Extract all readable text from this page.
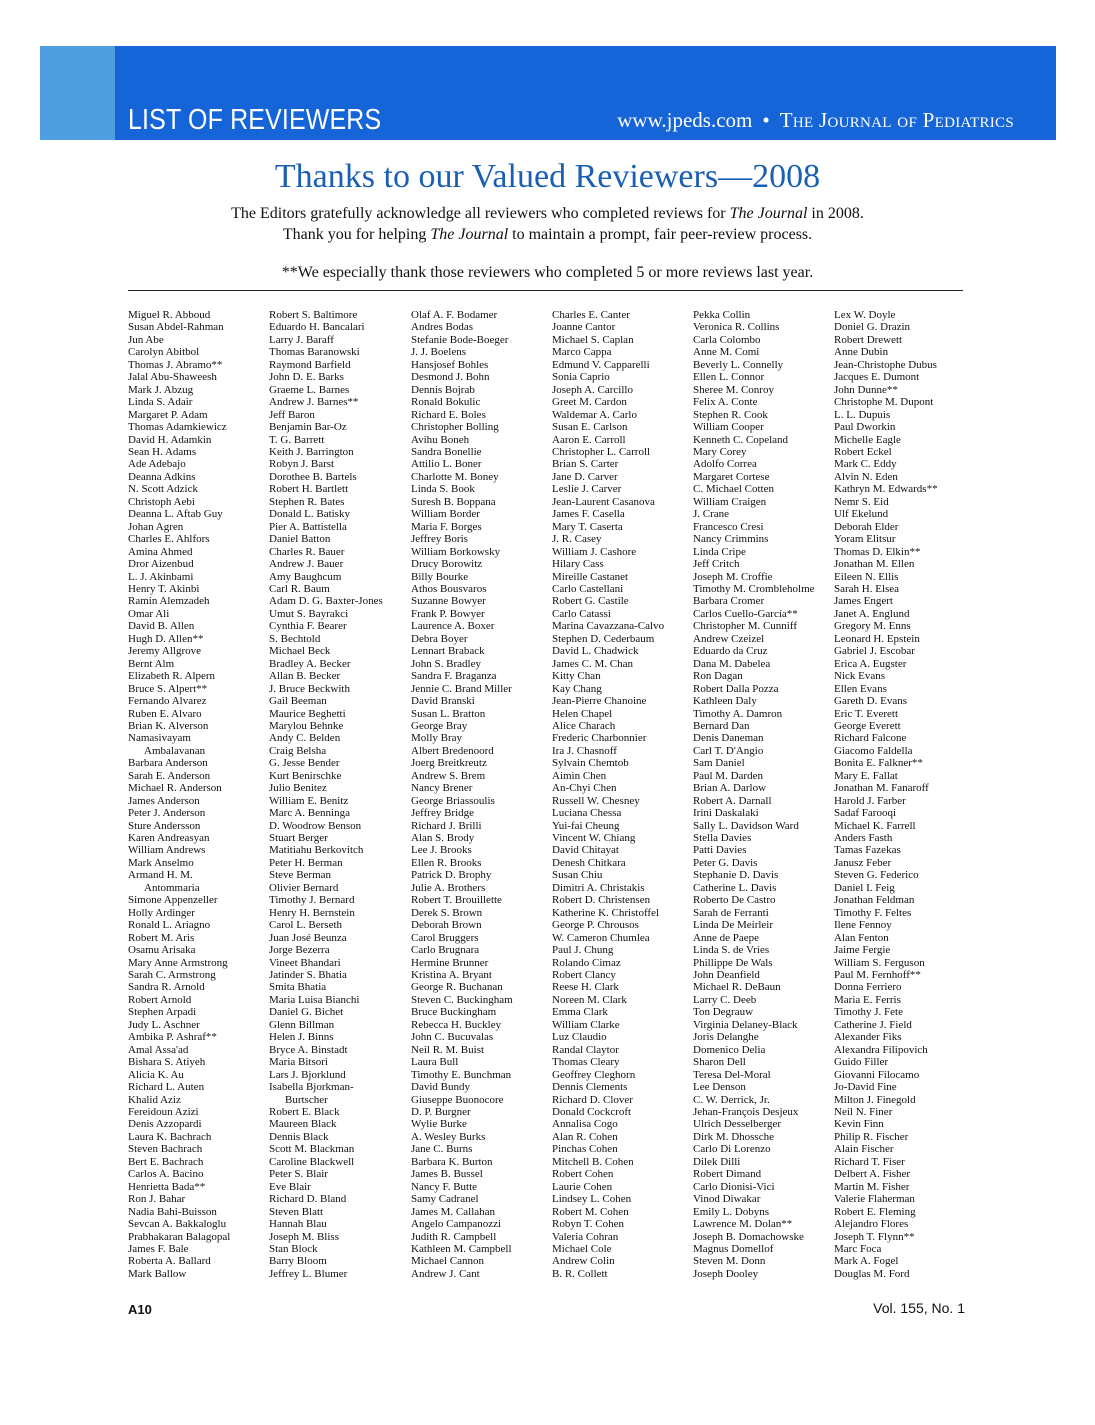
LIST OF REVIEWERS	www.jpeds.com • The Journal of Pediatrics
Thanks to our Valued Reviewers—2008
The Editors gratefully acknowledge all reviewers who completed reviews for The Journal in 2008.
Thank you for helping The Journal to maintain a prompt, fair peer-review process.
**We especially thank those reviewers who completed 5 or more reviews last year.
Miguel R. Abboud
Susan Abdel-Rahman
Jun Abe
Carolyn Abitbol
Thomas J. Abramo**
Jalal Abu-Shaweesh
Mark J. Abzug
Linda S. Adair
Margaret P. Adam
Thomas Adamkiewicz
David H. Adamkin
Sean H. Adams
Ade Adebajo
Deanna Adkins
N. Scott Adzick
Christoph Aebi
Deanna L. Aftab Guy
Johan Agren
Charles E. Ahlfors
Amina Ahmed
Dror Aizenbud
L. J. Akinbami
Henry T. Akinbi
Ramin Alemzadeh
Omar Ali
David B. Allen
Hugh D. Allen**
Jeremy Allgrove
Bernt Alm
Elizabeth R. Alpern
Bruce S. Alpert**
Fernando Alvarez
Ruben E. Alvaro
Brian K. Alverson
Namasivayam
Ambalavanan
Barbara Anderson
Sarah E. Anderson
Michael R. Anderson
James Anderson
Peter J. Anderson
Sture Andersson
Karen Andreasyan
William Andrews
Mark Anselmo
Armand H. M.
Antommaria
Simone Appenzeller
Holly Ardinger
Ronald L. Ariagno
Robert M. Aris
Osamu Arisaka
Mary Anne Armstrong
Sarah C. Armstrong
Sandra R. Arnold
Robert Arnold
Stephen Arpadi
Judy L. Aschner
Ambika P. Ashraf**
Amal Assa'ad
Bishara S. Atiyeh
Alicia K. Au
Richard L. Auten
Khalid Aziz
Fereidoun Azizi
Denis Azzopardi
Laura K. Bachrach
Steven Bachrach
Bert E. Bachrach
Carlos A. Bacino
Henrietta Bada**
Ron J. Bahar
Nadia Bahi-Buisson
Sevcan A. Bakkaloglu
Prabhakaran Balagopal
James F. Bale
Roberta A. Ballard
Mark Ballow
Robert S. Baltimore
Eduardo H. Bancalari
Larry J. Baraff
Thomas Baranowski
Raymond Barfield
John D. E. Barks
Graeme L. Barnes
Andrew J. Barnes**
Jeff Baron
Benjamin Bar-Oz
T. G. Barrett
Keith J. Barrington
Robyn J. Barst
Dorothee B. Bartels
Robert H. Bartlett
Stephen R. Bates
Donald L. Batisky
Pier A. Battistella
Daniel Batton
Charles R. Bauer
Andrew J. Bauer
Amy Baughcum
Carl R. Baum
Adam D. G. Baxter-Jones
Umut S. Bayrakci
Cynthia F. Bearer
S. Bechtold
Michael Beck
Bradley A. Becker
Allan B. Becker
J. Bruce Beckwith
Gail Beeman
Maurice Beghetti
Marylou Behnke
Andy C. Belden
Craig Belsha
G. Jesse Bender
Kurt Benirschke
Julio Benitez
William E. Benitz
Marc A. Benninga
D. Woodrow Benson
Stuart Berger
Matitiahu Berkovitch
Peter H. Berman
Steve Berman
Olivier Bernard
Timothy J. Bernard
Henry H. Bernstein
Carol L. Berseth
Juan José Beunza
Jorge Bezerra
Vineet Bhandari
Jatinder S. Bhatia
Smita Bhatia
Maria Luisa Bianchi
Daniel G. Bichet
Glenn Billman
Helen J. Binns
Bryce A. Binstadt
Maria Bitsori
Lars J. Bjorklund
Isabella Bjorkman-
Burtscher
Robert E. Black
Maureen Black
Dennis Black
Scott M. Blackman
Caroline Blackwell
Peter S. Blair
Eve Blair
Richard D. Bland
Steven Blatt
Hannah Blau
Joseph M. Bliss
Stan Block
Barry Bloom
Jeffrey L. Blumer
Olaf A. F. Bodamer
Andres Bodas
Stefanie Bode-Boeger
J. J. Boelens
Hansjosef Bohles
Desmond J. Bohn
Dennis Bojrab
Ronald Bokulic
Richard E. Boles
Christopher Bolling
Avihu Boneh
Sandra Bonellie
Attilio L. Boner
Charlotte M. Boney
Linda S. Book
Suresh B. Boppana
William Border
Maria F. Borges
Jeffrey Boris
William Borkowsky
Drucy Borowitz
Billy Bourke
Athos Bousvaros
Suzanne Bowyer
Frank P. Bowyer
Laurence A. Boxer
Debra Boyer
Lennart Braback
John S. Bradley
Sandra F. Braganza
Jennie C. Brand Miller
David Branski
Susan L. Bratton
George Bray
Molly Bray
Albert Bredenoord
Joerg Breitkreutz
Andrew S. Brem
Nancy Brener
George Briassoulis
Jeffrey Bridge
Richard J. Brilli
Alan S. Brody
Lee J. Brooks
Ellen R. Brooks
Patrick D. Brophy
Julie A. Brothers
Robert T. Brouillette
Derek S. Brown
Deborah Brown
Carol Bruggers
Carlo Brugnara
Hermine Brunner
Kristina A. Bryant
George R. Buchanan
Steven C. Buckingham
Bruce Buckingham
Rebecca H. Buckley
John C. Bucuvalas
Neil R. M. Buist
Laura Bull
Timothy E. Bunchman
David Bundy
Giuseppe Buonocore
D. P. Burgner
Wylie Burke
A. Wesley Burks
Jane C. Burns
Barbara K. Burton
James B. Bussel
Nancy F. Butte
Samy Cadranel
James M. Callahan
Angelo Campanozzi
Judith R. Campbell
Kathleen M. Campbell
Michael Cannon
Andrew J. Cant
Charles E. Canter
Joanne Cantor
Michael S. Caplan
Marco Cappa
Edmund V. Capparelli
Sonia Caprio
Joseph A. Carcillo
Greet M. Cardon
Waldemar A. Carlo
Susan E. Carlson
Aaron E. Carroll
Christopher L. Carroll
Brian S. Carter
Jane D. Carver
Leslie J. Carver
Jean-Laurent Casanova
James F. Casella
Mary T. Caserta
J. R. Casey
William J. Cashore
Hilary Cass
Mireille Castanet
Carlo Castellani
Robert G. Castile
Carlo Catassi
Marina Cavazzana-Calvo
Stephen D. Cederbaum
David L. Chadwick
James C. M. Chan
Kitty Chan
Kay Chang
Jean-Pierre Chanoine
Helen Chapel
Alice Charach
Frederic Charbonnier
Ira J. Chasnoff
Sylvain Chemtob
Aimin Chen
An-Chyi Chen
Russell W. Chesney
Luciana Chessa
Yui-fai Cheung
Vincent W. Chiang
David Chitayat
Denesh Chitkara
Susan Chiu
Dimitri A. Christakis
Robert D. Christensen
Katherine K. Christoffel
George P. Chrousos
W. Cameron Chumlea
Paul J. Chung
Rolando Cimaz
Robert Clancy
Reese H. Clark
Noreen M. Clark
Emma Clark
William Clarke
Luz Claudio
Randal Claytor
Thomas Cleary
Geoffrey Cleghorn
Dennis Clements
Richard D. Clover
Donald Cockcroft
Annalisa Cogo
Alan R. Cohen
Pinchas Cohen
Mitchell B. Cohen
Robert Cohen
Laurie Cohen
Lindsey L. Cohen
Robert M. Cohen
Robyn T. Cohen
Valeria Cohran
Michael Cole
Andrew Colin
B. R. Collett
Pekka Collin
Veronica R. Collins
Carla Colombo
Anne M. Comi
Beverly L. Connelly
Ellen L. Connor
Sheree M. Conroy
Felix A. Conte
Stephen R. Cook
William Cooper
Kenneth C. Copeland
Mary Corey
Adolfo Correa
Margaret Cortese
C. Michael Cotten
William Craigen
J. Crane
Francesco Cresi
Nancy Crimmins
Linda Cripe
Jeff Critch
Joseph M. Croffie
Timothy M. Crombleholme
Barbara Cromer
Carlos Cuello-García**
Christopher M. Cunniff
Andrew Czeizel
Eduardo da Cruz
Dana M. Dabelea
Ron Dagan
Robert Dalla Pozza
Kathleen Daly
Timothy A. Damron
Bernard Dan
Denis Daneman
Carl T. D'Angio
Sam Daniel
Paul M. Darden
Brian A. Darlow
Robert A. Darnall
Irini Daskalaki
Sally L. Davidson Ward
Stella Davies
Patti Davies
Peter G. Davis
Stephanie D. Davis
Catherine L. Davis
Roberto De Castro
Sarah de Ferranti
Linda De Meirleir
Anne de Paepe
Linda S. de Vries
Phillippe De Wals
John Deanfield
Michael R. DeBaun
Larry C. Deeb
Ton Degrauw
Virginia Delaney-Black
Joris Delanghe
Domenico Delia
Sharon Dell
Teresa Del-Moral
Lee Denson
C. W. Derrick, Jr.
Jehan-François Desjeux
Ulrich Desselberger
Dirk M. Dhossche
Carlo Di Lorenzo
Dilek Dilli
Robert Dimand
Carlo Dionisi-Vici
Vinod Diwakar
Emily L. Dobyns
Lawrence M. Dolan**
Joseph B. Domachowske
Magnus Domellof
Steven M. Donn
Joseph Dooley
Lex W. Doyle
Doniel G. Drazin
Robert Drewett
Anne Dubin
Jean-Christophe Dubus
Jacques E. Dumont
John Dunne**
Christophe M. Dupont
L. L. Dupuis
Paul Dworkin
Michelle Eagle
Robert Eckel
Mark C. Eddy
Alvin N. Eden
Kathryn M. Edwards**
Nemr S. Eid
Ulf Ekelund
Deborah Elder
Yoram Elitsur
Thomas D. Elkin**
Jonathan M. Ellen
Eileen N. Ellis
Sarah H. Elsea
James Engert
Janet A. Englund
Gregory M. Enns
Leonard H. Epstein
Gabriel J. Escobar
Erica A. Eugster
Nick Evans
Ellen Evans
Gareth D. Evans
Eric T. Everett
George Everett
Richard Falcone
Giacomo Faldella
Bonita E. Falkner**
Mary E. Fallat
Jonathan M. Fanaroff
Harold J. Farber
Sadaf Farooqi
Michael K. Farrell
Anders Fasth
Tamas Fazekas
Janusz Feber
Steven G. Federico
Daniel I. Feig
Jonathan Feldman
Timothy F. Feltes
Ilene Fennoy
Alan Fenton
Jaime Fergie
William S. Ferguson
Paul M. Fernhoff**
Donna Ferriero
Maria E. Ferris
Timothy J. Fete
Catherine J. Field
Alexander Fiks
Alexandra Filipovich
Guido Filler
Giovanni Filocamo
Jo-David Fine
Milton J. Finegold
Neil N. Finer
Kevin Finn
Philip R. Fischer
Alain Fischer
Richard T. Fiser
Delbert A. Fisher
Martin M. Fisher
Valerie Flaherman
Robert E. Fleming
Alejandro Flores
Joseph T. Flynn**
Marc Foca
Mark A. Fogel
Douglas M. Ford
A10	Vol. 155, No. 1
